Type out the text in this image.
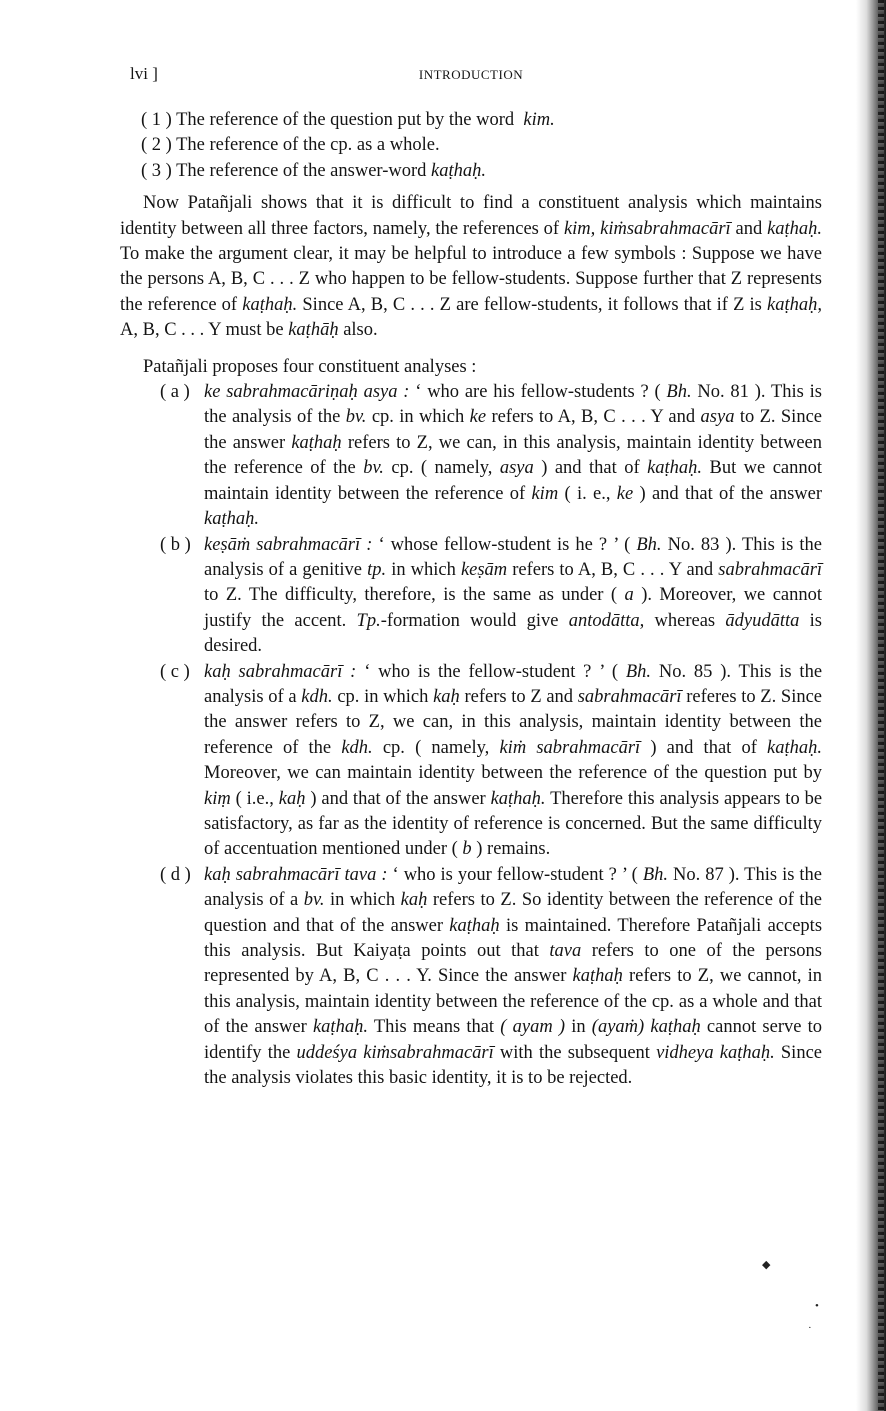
lvi ]	INTRODUCTION

( 1 ) The reference of the question put by the word kim.

( 2 ) The reference of the cp. as a whole.

( 3 ) The reference of the answer-word kaṭhaḥ.

Now Patañjali shows that it is difficult to find a constituent analysis which maintains identity between all three factors, namely, the references of kim, kiṁsabrahmacārī and kaṭhaḥ. To make the argument clear, it may be helpful to introduce a few symbols : Suppose we have the persons A, B, C . . . Z who happen to be fellow-students. Suppose further that Z represents the reference of kaṭhaḥ. Since A, B, C . . . Z are fellow-students, it follows that if Z is kaṭhaḥ, A, B, C . . . Y must be kaṭhāḥ also.

Patañjali proposes four constituent analyses :

( a ) ke sabrahmacāriṇaḥ asya : ‘ who are his fellow-students ? ( Bh. No. 81 ). This is the analysis of the bv. cp. in which ke refers to A, B, C . . . Y and asya to Z. Since the answer kaṭhaḥ refers to Z, we can, in this analysis, maintain identity between the reference of the bv. cp. ( namely, asya ) and that of kaṭhaḥ. But we cannot maintain identity between the reference of kim ( i. e., ke ) and that of the answer kaṭhaḥ.

( b ) keṣāṁ sabrahmacārī : ‘ whose fellow-student is he ? ’ ( Bh. No. 83 ). This is the analysis of a genitive tp. in which keṣām refers to A, B, C . . . Y and sabrahmacārī to Z. The difficulty, therefore, is the same as under ( a ). Moreover, we cannot justify the accent. Tp.-formation would give antodātta, whereas ādyudātta is desired.

( c ) kaḥ sabrahmacārī : ‘ who is the fellow-student ? ’ ( Bh. No. 85 ). This is the analysis of a kdh. cp. in which kaḥ refers to Z and sabrahmacārī referes to Z. Since the answer refers to Z, we can, in this analysis, maintain identity between the reference of the kdh. cp. ( namely, kiṁ sabrahmacārī ) and that of kaṭhaḥ. Moreover, we can maintain identity between the reference of the question put by kiṃ ( i.e., kaḥ ) and that of the answer kaṭhaḥ. Therefore this analysis appears to be satisfactory, as far as the identity of reference is concerned. But the same difficulty of accentuation mentioned under ( b ) remains.

( d ) kaḥ sabrahmacārī tava : ‘ who is your fellow-student ? ’ ( Bh. No. 87 ). This is the analysis of a bv. in which kaḥ refers to Z. So identity between the reference of the question and that of the answer kaṭhaḥ is maintained. Therefore Patañjali accepts this analysis. But Kaiyaṭa points out that tava refers to one of the persons represented by A, B, C . . . Y. Since the answer kaṭhaḥ refers to Z, we cannot, in this analysis, maintain identity between the reference of the cp. as a whole and that of the answer kaṭhaḥ. This means that ( ayam ) in (ayaṁ) kaṭhaḥ cannot serve to identify the uddeśya kiṁsabrahmacārī with the subsequent vidheya kaṭhaḥ. Since the analysis violates this basic identity, it is to be rejected.

◆
•
·
